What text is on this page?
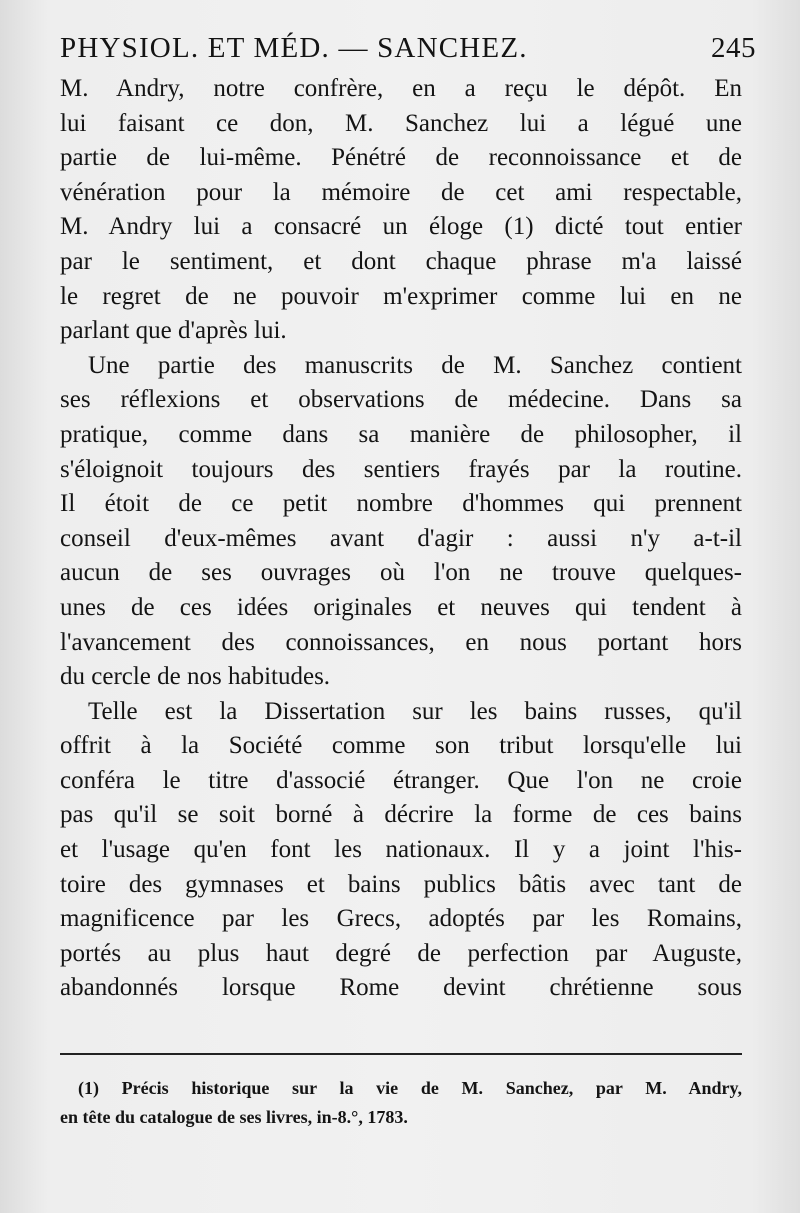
PHYSIOL. ET MÉD. — SANCHEZ.	245
M. Andry, notre confrère, en a reçu le dépôt. En
lui faisant ce don, M. Sanchez lui a légué une
partie de lui-même. Pénétré de reconnoissance et de
vénération pour la mémoire de cet ami respectable,
M. Andry lui a consacré un éloge (1) dicté tout entier
par le sentiment, et dont chaque phrase m'a laissé
le regret de ne pouvoir m'exprimer comme lui en ne
parlant que d'après lui.
Une partie des manuscrits de M. Sanchez contient
ses réflexions et observations de médecine. Dans sa
pratique, comme dans sa manière de philosopher, il
s'éloignoit toujours des sentiers frayés par la routine.
Il étoit de ce petit nombre d'hommes qui prennent
conseil d'eux-mêmes avant d'agir : aussi n'y a-t-il
aucun de ses ouvrages où l'on ne trouve quelques-
unes de ces idées originales et neuves qui tendent à
l'avancement des connoissances, en nous portant hors
du cercle de nos habitudes.
Telle est la Dissertation sur les bains russes, qu'il
offrit à la Société comme son tribut lorsqu'elle lui
conféra le titre d'associé étranger. Que l'on ne croie
pas qu'il se soit borné à décrire la forme de ces bains
et l'usage qu'en font les nationaux. Il y a joint l'his-
toire des gymnases et bains publics bâtis avec tant de
magnificence par les Grecs, adoptés par les Romains,
portés au plus haut degré de perfection par Auguste,
abandonnés lorsque Rome devint chrétienne sous
(1) Précis historique sur la vie de M. Sanchez, par M. Andry,
en tête du catalogue de ses livres, in-8.°, 1783.
